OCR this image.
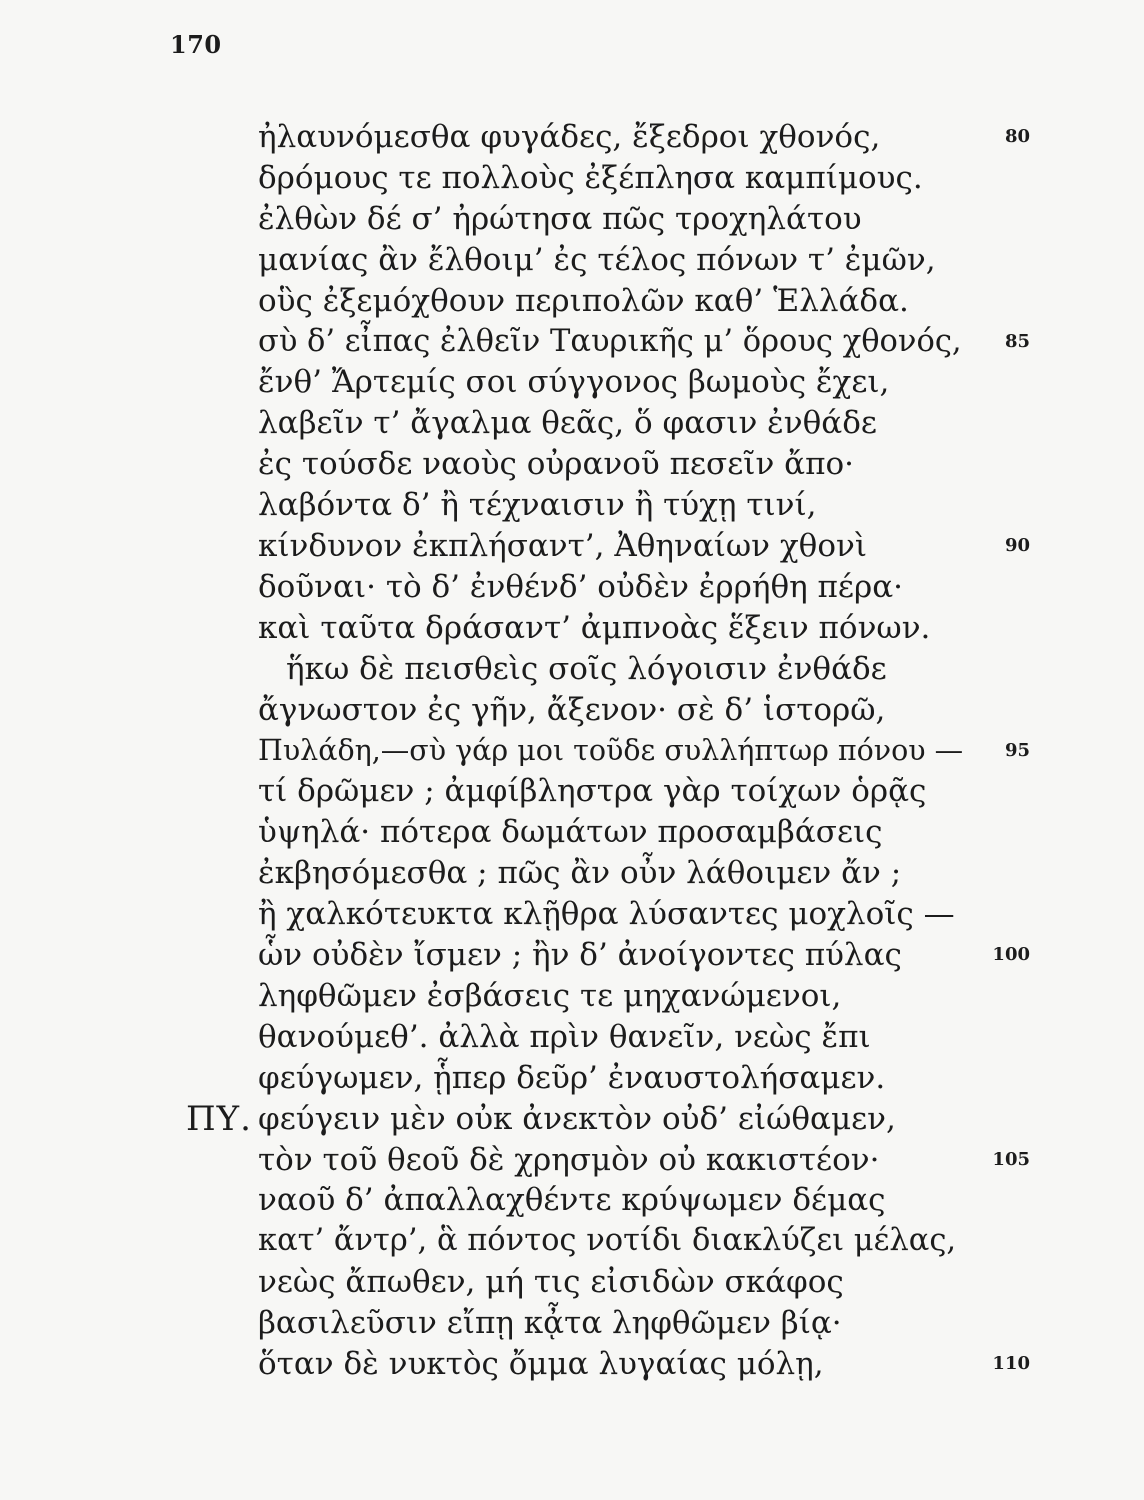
170
ἠλαυνόμεσθα φυγάδες, ἔξεδροι χθονός,	80
δρόμους τε πολλοὺς ἐξέπλησα καμπίμους.
ἐλθὼν δέ σ’ ἠρώτησα πῶς τροχηλάτου
μανίας ἂν ἔλθοιμ’ ἐς τέλος πόνων τ’ ἐμῶν,
οὓς ἐξεμόχθουν περιπολῶν καθ’ Ἑλλάδα.
σὺ δ’ εἶπας ἐλθεῖν Ταυρικῆς μ’ ὅρους χθονός,	85
ἔνθ’ Ἄρτεμίς σοι σύγγονος βωμοὺς ἔχει,
λαβεῖν τ’ ἄγαλμα θεᾶς, ὅ φασιν ἐνθάδε
ἐς τούσδε ναοὺς οὐρανοῦ πεσεῖν ἄπο·
λαβόντα δ’ ἢ τέχναισιν ἢ τύχῃ τινί,
κίνδυνον ἐκπλήσαντ’, Ἀθηναίων χθονὶ	90
δοῦναι· τὸ δ’ ἐνθένδ’ οὐδὲν ἐρρήθη πέρα·
καὶ ταῦτα δράσαντ’ ἀμπνοὰς ἕξειν πόνων.
ἥκω δὲ πεισθεὶς σοῖς λόγοισιν ἐνθάδε
ἄγνωστον ἐς γῆν, ἄξενον· σὲ δ’ ἱστορῶ,
Πυλάδη,—σὺ γάρ μοι τοῦδε συλλήπτωρ πόνου —	95
τί δρῶμεν ; ἀμφίβληστρα γὰρ τοίχων ὁρᾷς
ὑψηλά· πότερα δωμάτων προσαμβάσεις
ἐκβησόμεσθα ; πῶς ἂν οὖν λάθοιμεν ἄν ;
ἢ χαλκότευκτα κλῇθρα λύσαντες μοχλοῖς —
ὧν οὐδὲν ἴσμεν ; ἢν δ’ ἀνοίγοντες πύλας	100
ληφθῶμεν ἐσβάσεις τε μηχανώμενοι,
θανούμεθ’. ἀλλὰ πρὶν θανεῖν, νεὼς ἔπι
φεύγωμεν, ᾗπερ δεῦρ’ ἐναυστολήσαμεν.
ΠΥ. φεύγειν μὲν οὐκ ἀνεκτὸν οὐδ’ εἰώθαμεν,
τὸν τοῦ θεοῦ δὲ χρησμὸν οὐ κακιστέον·	105
ναοῦ δ’ ἀπαλλαχθέντε κρύψωμεν δέμας
κατ’ ἄντρ’, ἃ πόντος νοτίδι διακλύζει μέλας,
νεὼς ἄπωθεν, μή τις εἰσιδὼν σκάφος
βασιλεῦσιν εἴπῃ κᾆτα ληφθῶμεν βίᾳ·
ὅταν δὲ νυκτὸς ὄμμα λυγαίας μόλῃ,	110
